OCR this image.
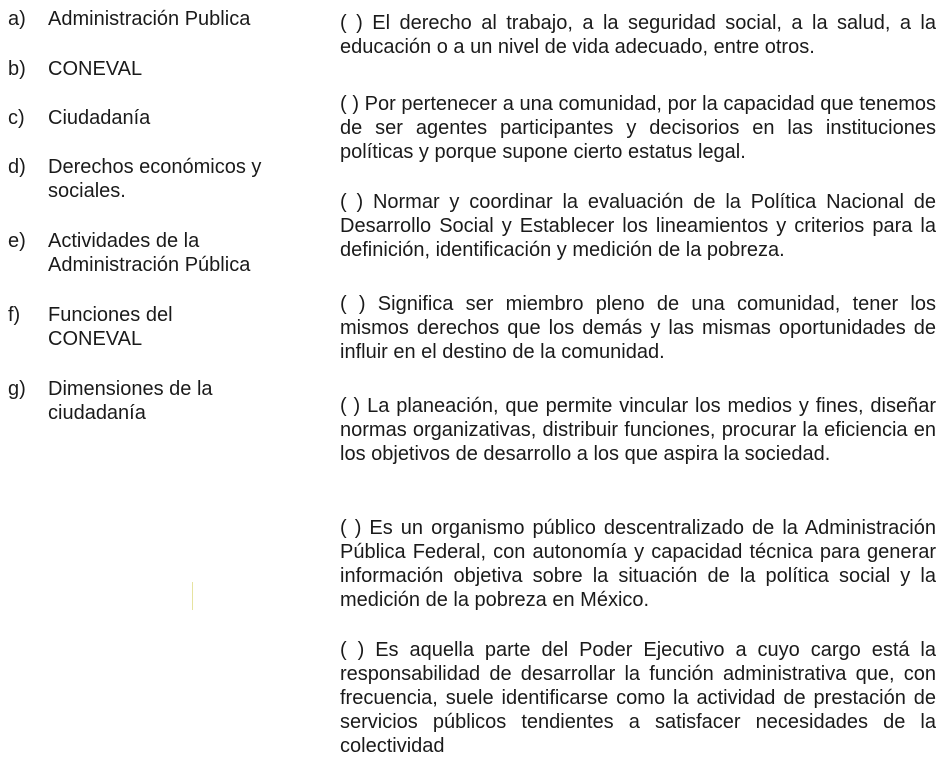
a)	Administración Publica
b)	CONEVAL
c)	Ciudadanía
d)	Derechos económicos y sociales.
e)	Actividades de la Administración Pública
f)	Funciones del CONEVAL
g)	Dimensiones de la ciudadanía
( ) El derecho al trabajo, a la seguridad social, a la salud, a la educación o a un nivel de vida adecuado, entre otros.
( ) Por pertenecer a una comunidad, por la capacidad que tenemos de ser agentes participantes y decisorios en las instituciones políticas y porque supone cierto estatus legal.
( ) Normar y coordinar la evaluación de la Política Nacional de Desarrollo Social y Establecer los lineamientos y criterios para la definición, identificación y medición de la pobreza.
( ) Significa ser miembro pleno de una comunidad, tener los mismos derechos que los demás y las mismas oportunidades de influir en el destino de la comunidad.
( ) La planeación, que permite vincular los medios y fines, diseñar normas organizativas, distribuir funciones, procurar la eficiencia en los objetivos de desarrollo a los que aspira la sociedad.
( ) Es un organismo público descentralizado de la Administración Pública Federal, con autonomía y capacidad técnica para generar información objetiva sobre la situación de la política social y la medición de la pobreza en México.
( ) Es aquella parte del Poder Ejecutivo a cuyo cargo está la responsabilidad de desarrollar la función administrativa que, con frecuencia, suele identificarse como la actividad de prestación de servicios públicos tendientes a satisfacer necesidades de la colectividad
